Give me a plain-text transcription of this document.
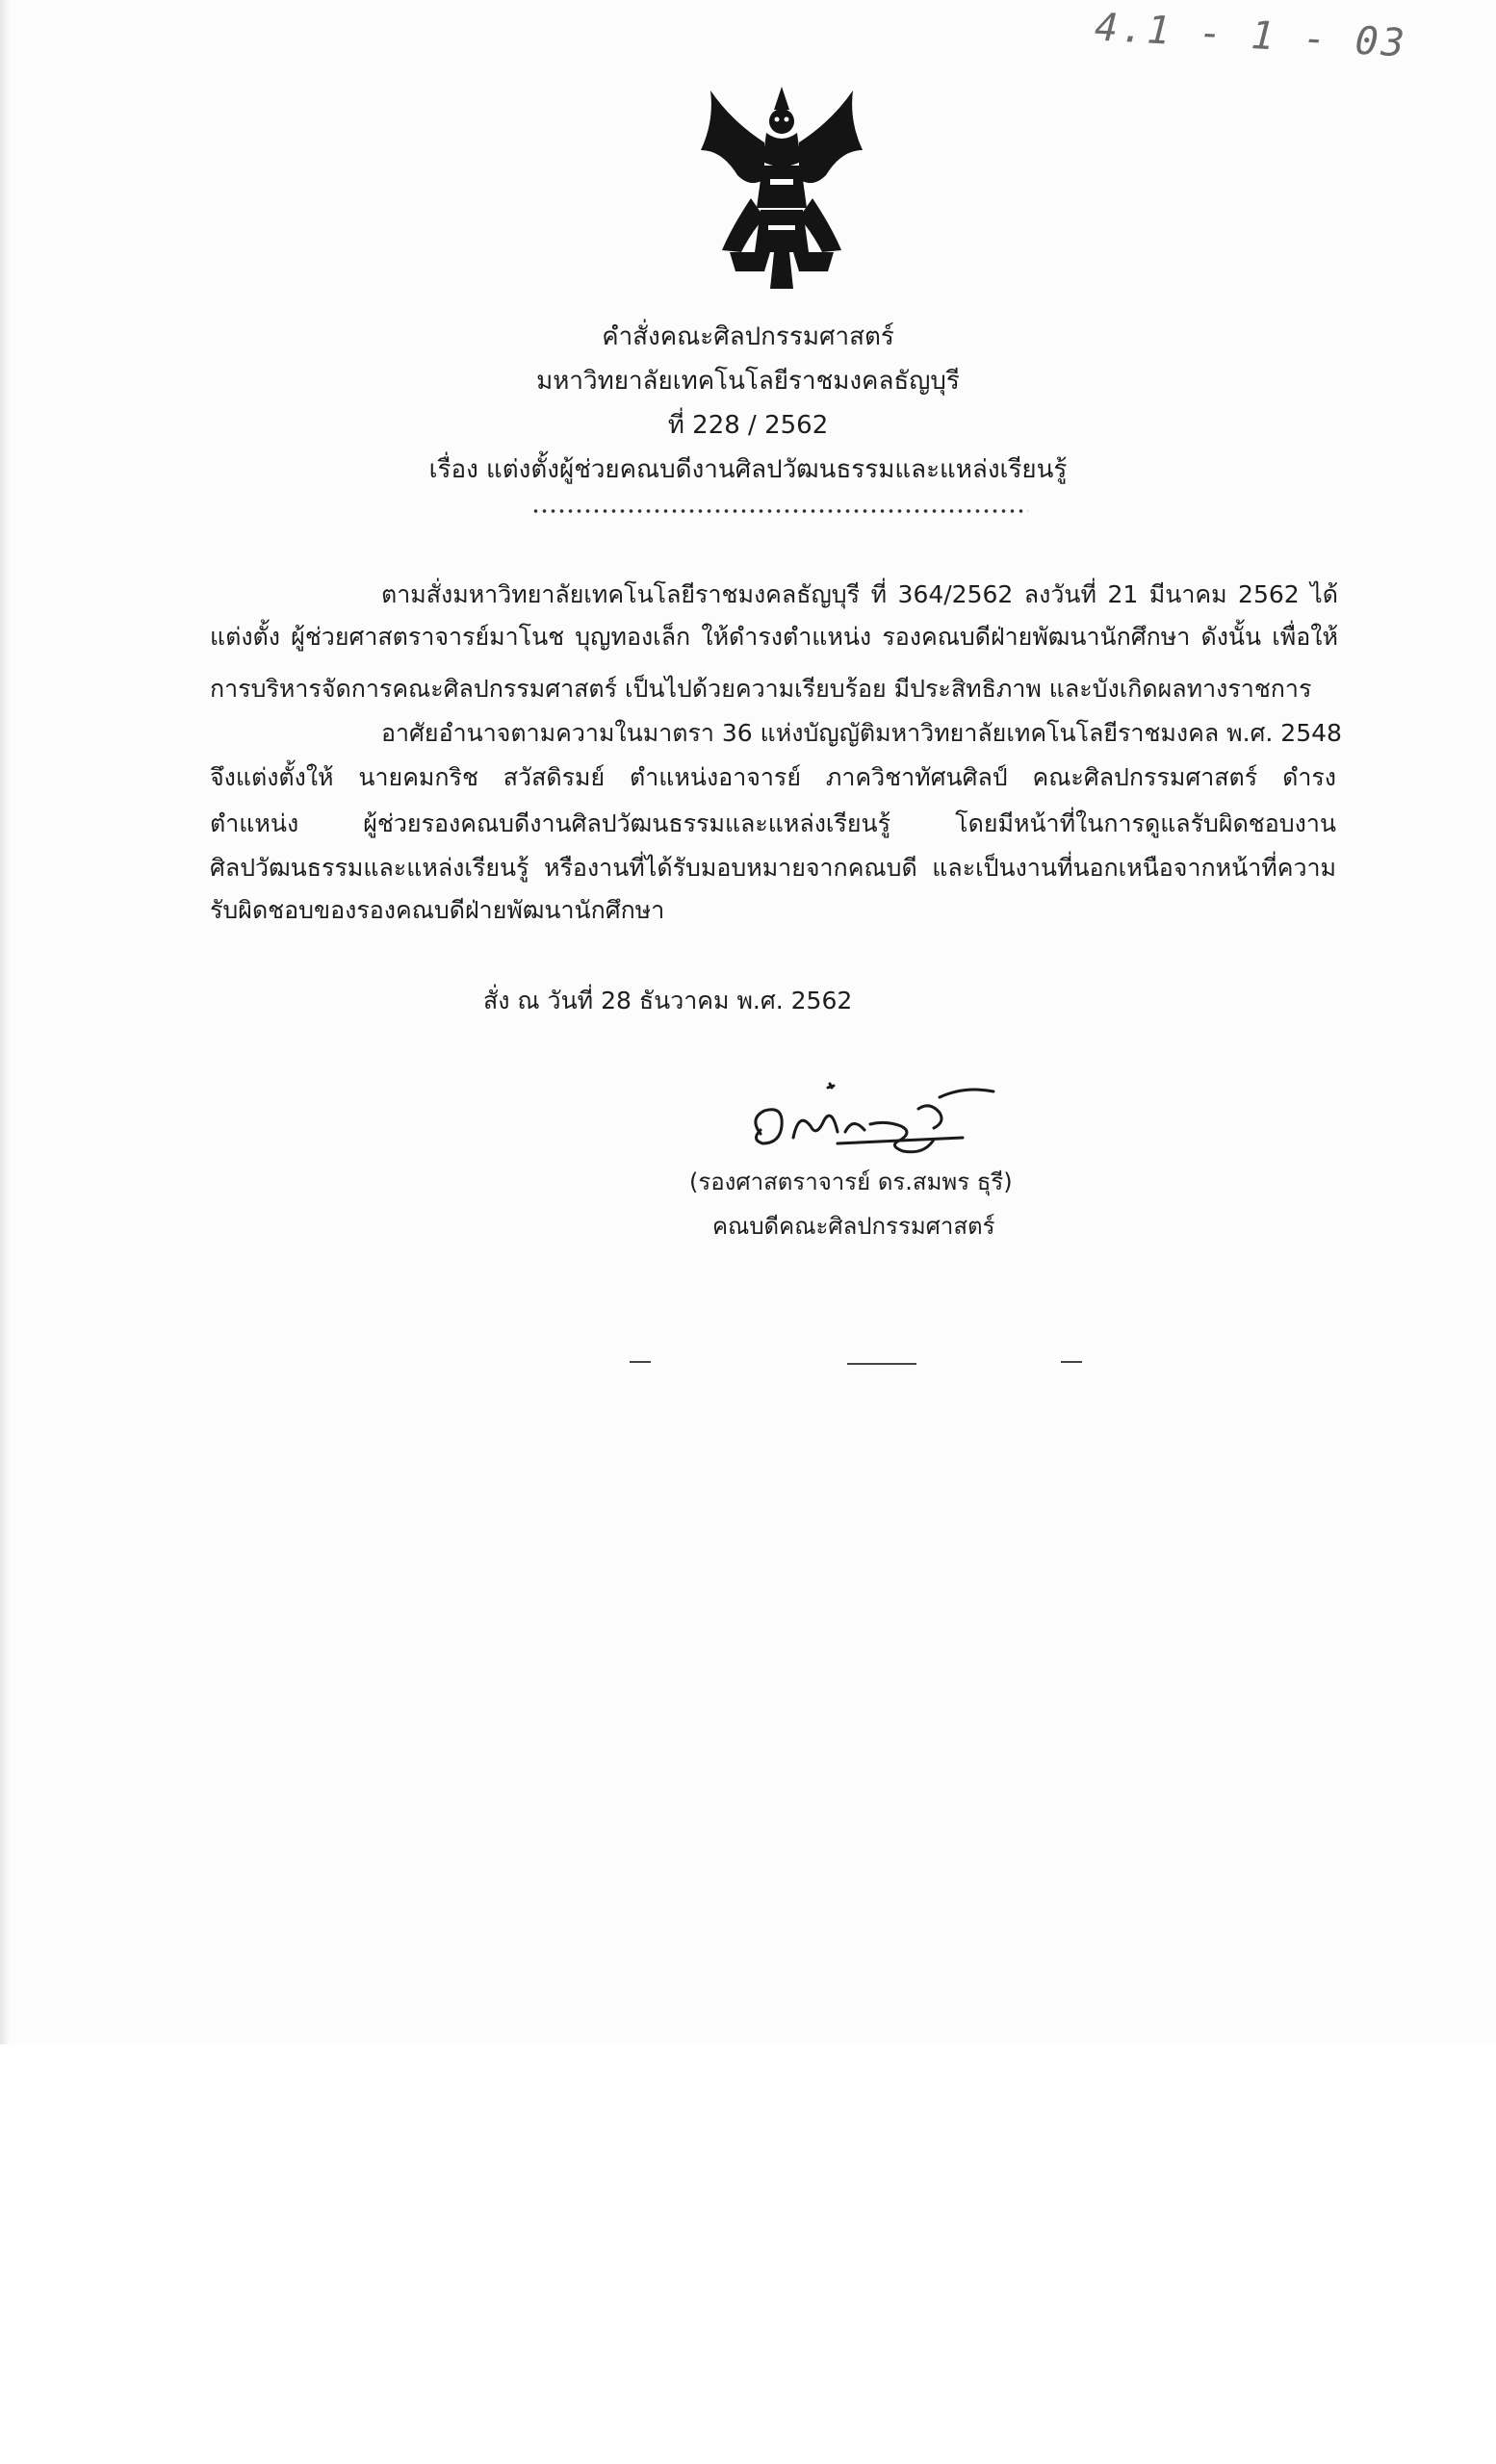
4.1 - 1 - 03
คำสั่งคณะศิลปกรรมศาสตร์
มหาวิทยาลัยเทคโนโลยีราชมงคลธัญบุรี
ที่ 228 / 2562
เรื่อง แต่งตั้งผู้ช่วยคณบดีงานศิลปวัฒนธรรมและแหล่งเรียนรู้
ตามสั่งมหาวิทยาลัยเทคโนโลยีราชมงคลธัญบุรี ที่ 364/2562 ลงวันที่ 21 มีนาคม 2562 ได้
แต่งตั้ง ผู้ช่วยศาสตราจารย์มาโนช บุญทองเล็ก ให้ดำรงตำแหน่ง รองคณบดีฝ่ายพัฒนานักศึกษา ดังนั้น เพื่อให้
การบริหารจัดการคณะศิลปกรรมศาสตร์ เป็นไปด้วยความเรียบร้อย มีประสิทธิภาพ และบังเกิดผลทางราชการ
อาศัยอำนาจตามความในมาตรา 36 แห่งบัญญัติมหาวิทยาลัยเทคโนโลยีราชมงคล พ.ศ. 2548
จึงแต่งตั้งให้ นายคมกริช สวัสดิรมย์ ตำแหน่งอาจารย์ ภาควิชาทัศนศิลป์ คณะศิลปกรรมศาสตร์ ดำรง
ตำแหน่ง ผู้ช่วยรองคณบดีงานศิลปวัฒนธรรมและแหล่งเรียนรู้ โดยมีหน้าที่ในการดูแลรับผิดชอบงาน
ศิลปวัฒนธรรมและแหล่งเรียนรู้ หรืองานที่ได้รับมอบหมายจากคณบดี และเป็นงานที่นอกเหนือจากหน้าที่ความ
รับผิดชอบของรองคณบดีฝ่ายพัฒนานักศึกษา
สั่ง ณ วันที่ 28 ธันวาคม พ.ศ. 2562
(รองศาสตราจารย์ ดร.สมพร ธุรี)
คณบดีคณะศิลปกรรมศาสตร์
